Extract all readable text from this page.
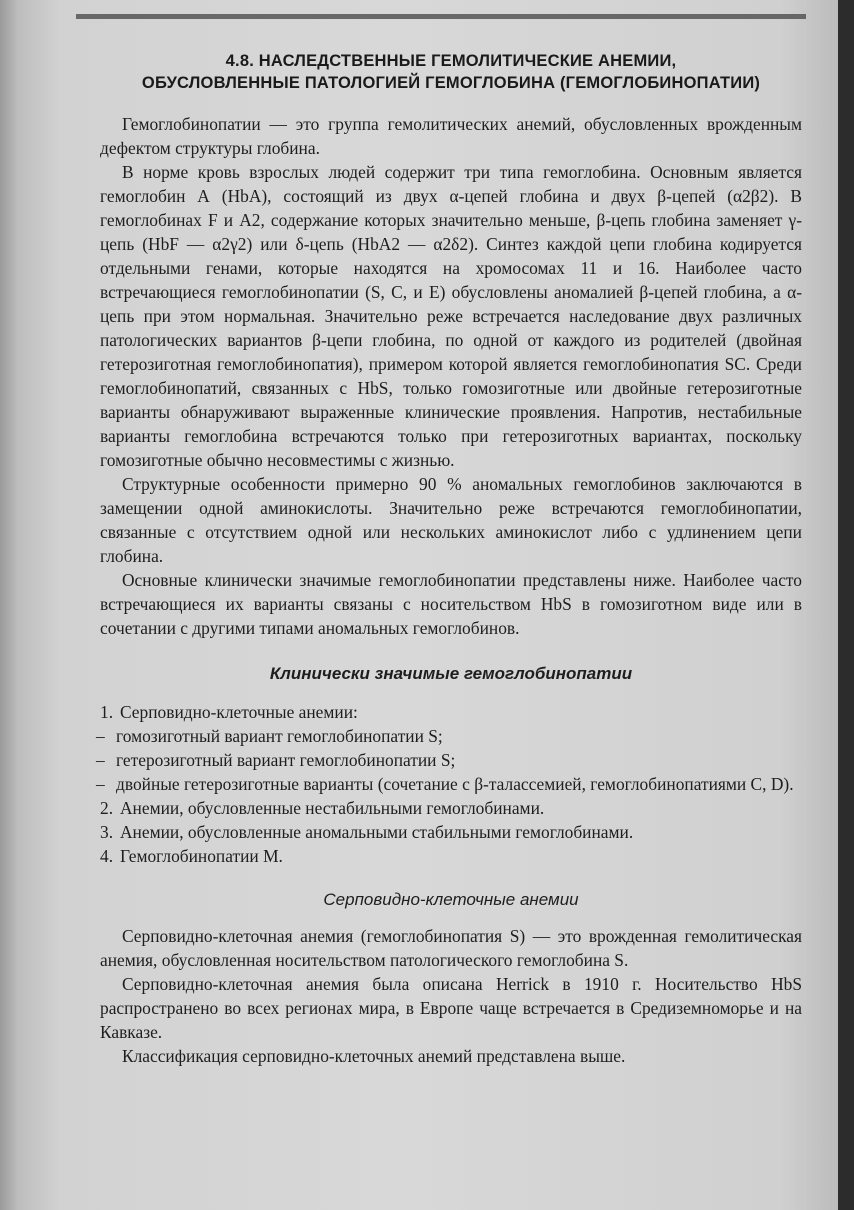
4.8. НАСЛЕДСТВЕННЫЕ ГЕМОЛИТИЧЕСКИЕ АНЕМИИ,
ОБУСЛОВЛЕННЫЕ ПАТОЛОГИЕЙ ГЕМОГЛОБИНА (ГЕМОГЛОБИНОПАТИИ)

Гемоглобинопатии — это группа гемолитических анемий, обусловленных врожденным дефектом структуры глобина.

В норме кровь взрослых людей содержит три типа гемоглобина. Основным является гемоглобин А (HbA), состоящий из двух α-цепей глобина и двух β-цепей (α2β2). В гемоглобинах F и A2, содержание которых значительно меньше, β-цепь глобина заменяет γ-цепь (HbF — α2γ2) или δ-цепь (HbA2 — α2δ2). Синтез каждой цепи глобина кодируется отдельными генами, которые находятся на хромосомах 11 и 16. Наиболее часто встречающиеся гемоглобинопатии (S, C, и E) обусловлены аномалией β-цепей глобина, а α-цепь при этом нормальная. Значительно реже встречается наследование двух различных патологических вариантов β-цепи глобина, по одной от каждого из родителей (двойная гетерозиготная гемоглобинопатия), примером которой является гемоглобинопатия SC. Среди гемоглобинопатий, связанных с HbS, только гомозиготные или двойные гетерозиготные варианты обнаруживают выраженные клинические проявления. Напротив, нестабильные варианты гемоглобина встречаются только при гетерозиготных вариантах, поскольку гомозиготные обычно несовместимы с жизнью.

Структурные особенности примерно 90 % аномальных гемоглобинов заключаются в замещении одной аминокислоты. Значительно реже встречаются гемоглобинопатии, связанные с отсутствием одной или нескольких аминокислот либо с удлинением цепи глобина.

Основные клинически значимые гемоглобинопатии представлены ниже. Наиболее часто встречающиеся их варианты связаны с носительством HbS в гомозиготном виде или в сочетании с другими типами аномальных гемоглобинов.

Клинически значимые гемоглобинопатии
1. Серповидно-клеточные анемии:
– гомозиготный вариант гемоглобинопатии S;
– гетерозиготный вариант гемоглобинопатии S;
– двойные гетерозиготные варианты (сочетание с β-талассемией, гемоглобинопатиями C, D).
2. Анемии, обусловленные нестабильными гемоглобинами.
3. Анемии, обусловленные аномальными стабильными гемоглобинами.
4. Гемоглобинопатии M.
Серповидно-клеточные анемии

Серповидно-клеточная анемия (гемоглобинопатия S) — это врожденная гемолитическая анемия, обусловленная носительством патологического гемоглобина S.

Серповидно-клеточная анемия была описана Herrick в 1910 г. Носительство HbS распространено во всех регионах мира, в Европе чаще встречается в Средиземноморье и на Кавказе.

Классификация серповидно-клеточных анемий представлена выше.
